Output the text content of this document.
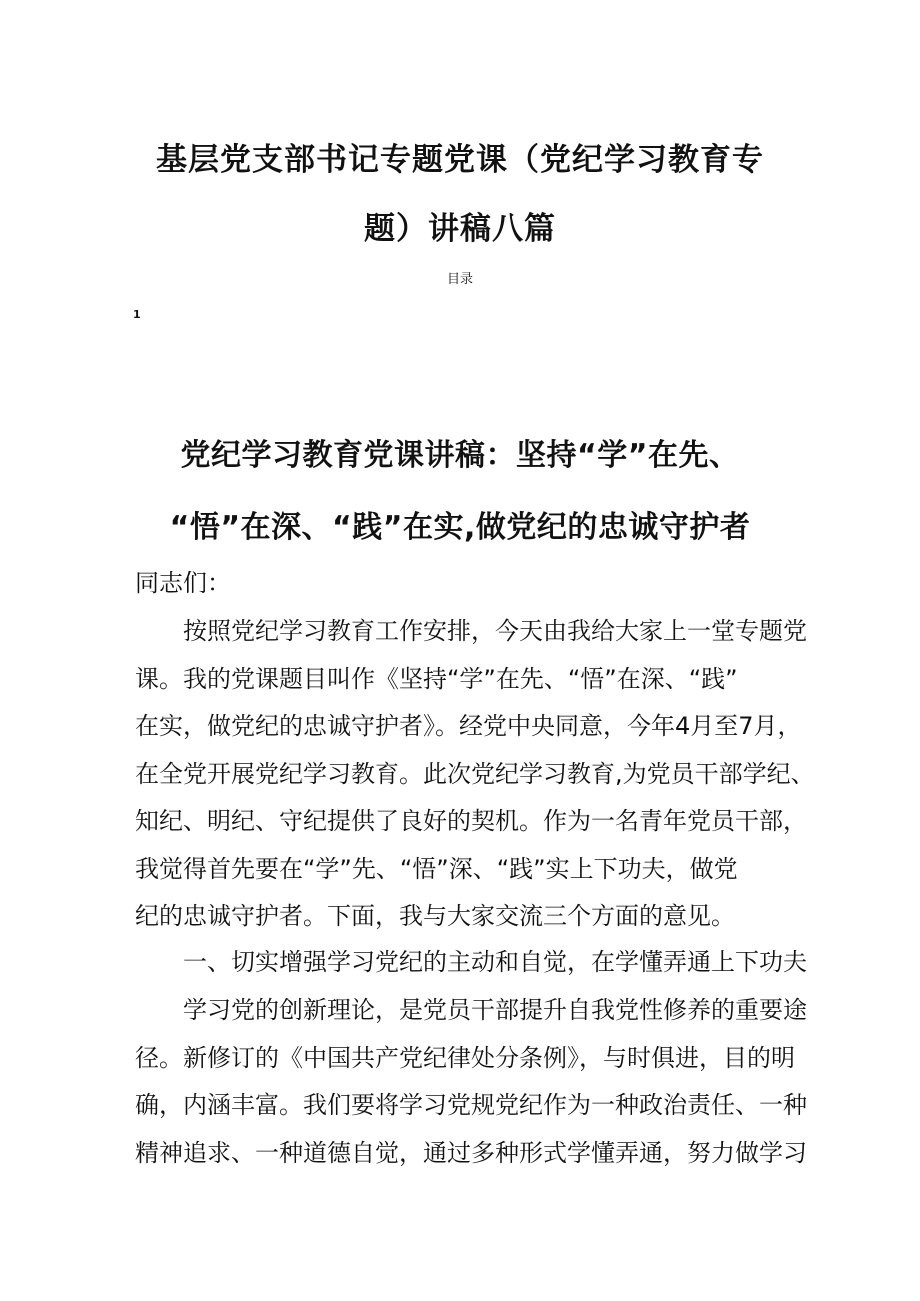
基层党支部书记专题党课（党纪学习教育专
题）讲稿八篇
目录
1
党纪学习教育党课讲稿：坚持“学”在先、
“悟”在深、“践”在实,做党纪的忠诚守护者

同志们：

按照党纪学习教育工作安排，今天由我给大家上一堂专题党
课。我的党课题目叫作《坚持“学”在先、“悟”在深、“践”
在实，做党纪的忠诚守护者》。经党中央同意，今年4月至7月，
在全党开展党纪学习教育。此次党纪学习教育,为党员干部学纪、
知纪、明纪、守纪提供了良好的契机。作为一名青年党员干部，
我觉得首先要在“学”先、“悟”深、“践”实上下功夫，做党
纪的忠诚守护者。下面，我与大家交流三个方面的意见。

一、切实增强学习党纪的主动和自觉，在学懂弄通上下功夫

学习党的创新理论，是党员干部提升自我党性修养的重要途
径。新修订的《中国共产党纪律处分条例》，与时俱进，目的明
确，内涵丰富。我们要将学习党规党纪作为一种政治责任、一种
精神追求、一种道德自觉，通过多种形式学懂弄通，努力做学习
